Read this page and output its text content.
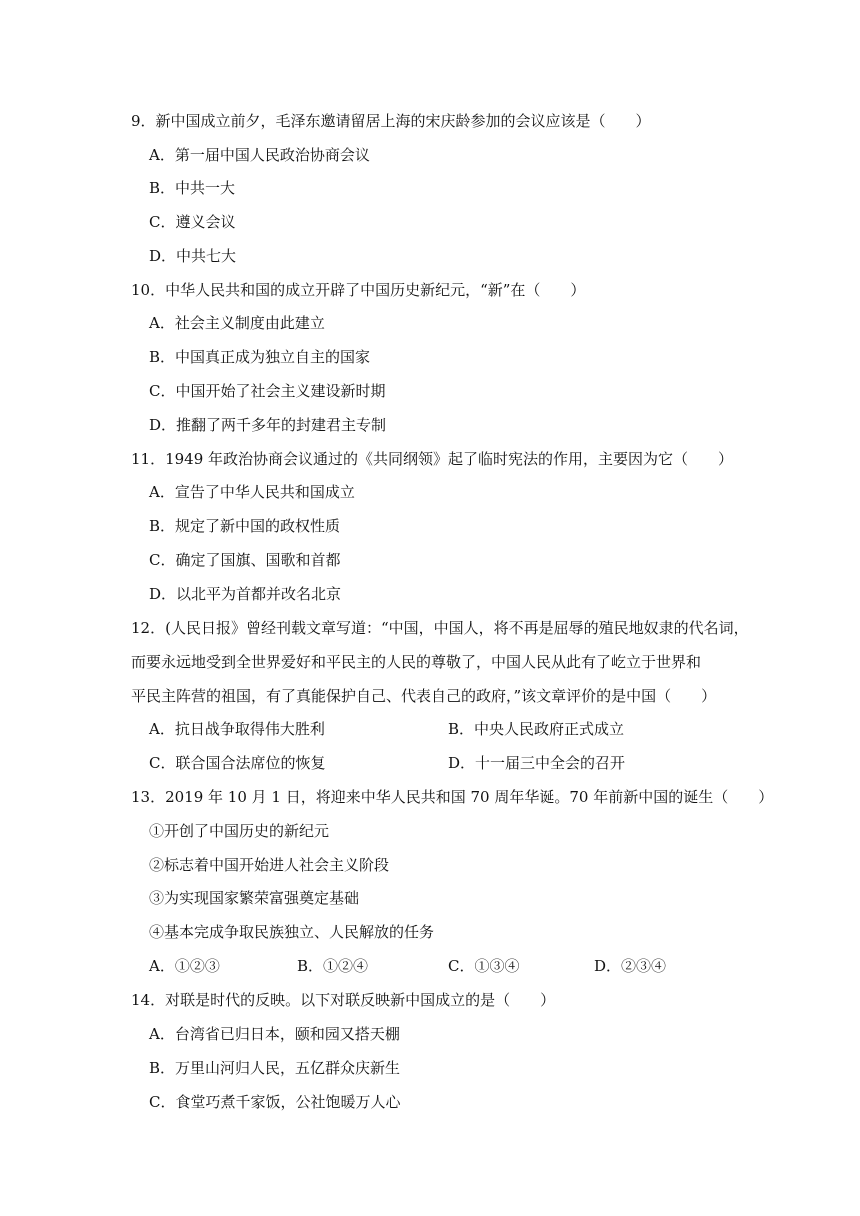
9．新中国成立前夕，毛泽东邀请留居上海的宋庆龄参加的会议应该是（　　）
A．第一届中国人民政治协商会议
B．中共一大
C．遵义会议
D．中共七大
10．中华人民共和国的成立开辟了中国历史新纪元，“新”在（　　）
A．社会主义制度由此建立
B．中国真正成为独立自主的国家
C．中国开始了社会主义建设新时期
D．推翻了两千多年的封建君主专制
11．1949 年政治协商会议通过的《共同纲领》起了临时宪法的作用，主要因为它（　　）
A．宣告了中华人民共和国成立
B．规定了新中国的政权性质
C．确定了国旗、国歌和首都
D．以北平为首都并改名北京
12．(人民日报》曾经刊载文章写道：“中国，中国人，将不再是屈辱的殖民地奴隶的代名词，
而要永远地受到全世界爱好和平民主的人民的尊敬了，中国人民从此有了屹立于世界和
平民主阵营的祖国，有了真能保护自己、代表自己的政府，”该文章评价的是中国（　　）
A．抗日战争取得伟大胜利	B．中央人民政府正式成立
C．联合国合法席位的恢复	D．十一届三中全会的召开
13．2019 年 10 月 1 日，将迎来中华人民共和国 70 周年华诞。70 年前新中国的诞生（　　）
①开创了中国历史的新纪元
②标志着中国开始进人社会主义阶段
③为实现国家繁荣富强奠定基础
④基本完成争取民族独立、人民解放的任务
A．①②③	B．①②④	C．①③④	D．②③④
14．对联是时代的反映。以下对联反映新中国成立的是（　　）
A．台湾省已归日本，颐和园又搭天棚
B．万里山河归人民，五亿群众庆新生
C．食堂巧煮千家饭，公社饱暖万人心
